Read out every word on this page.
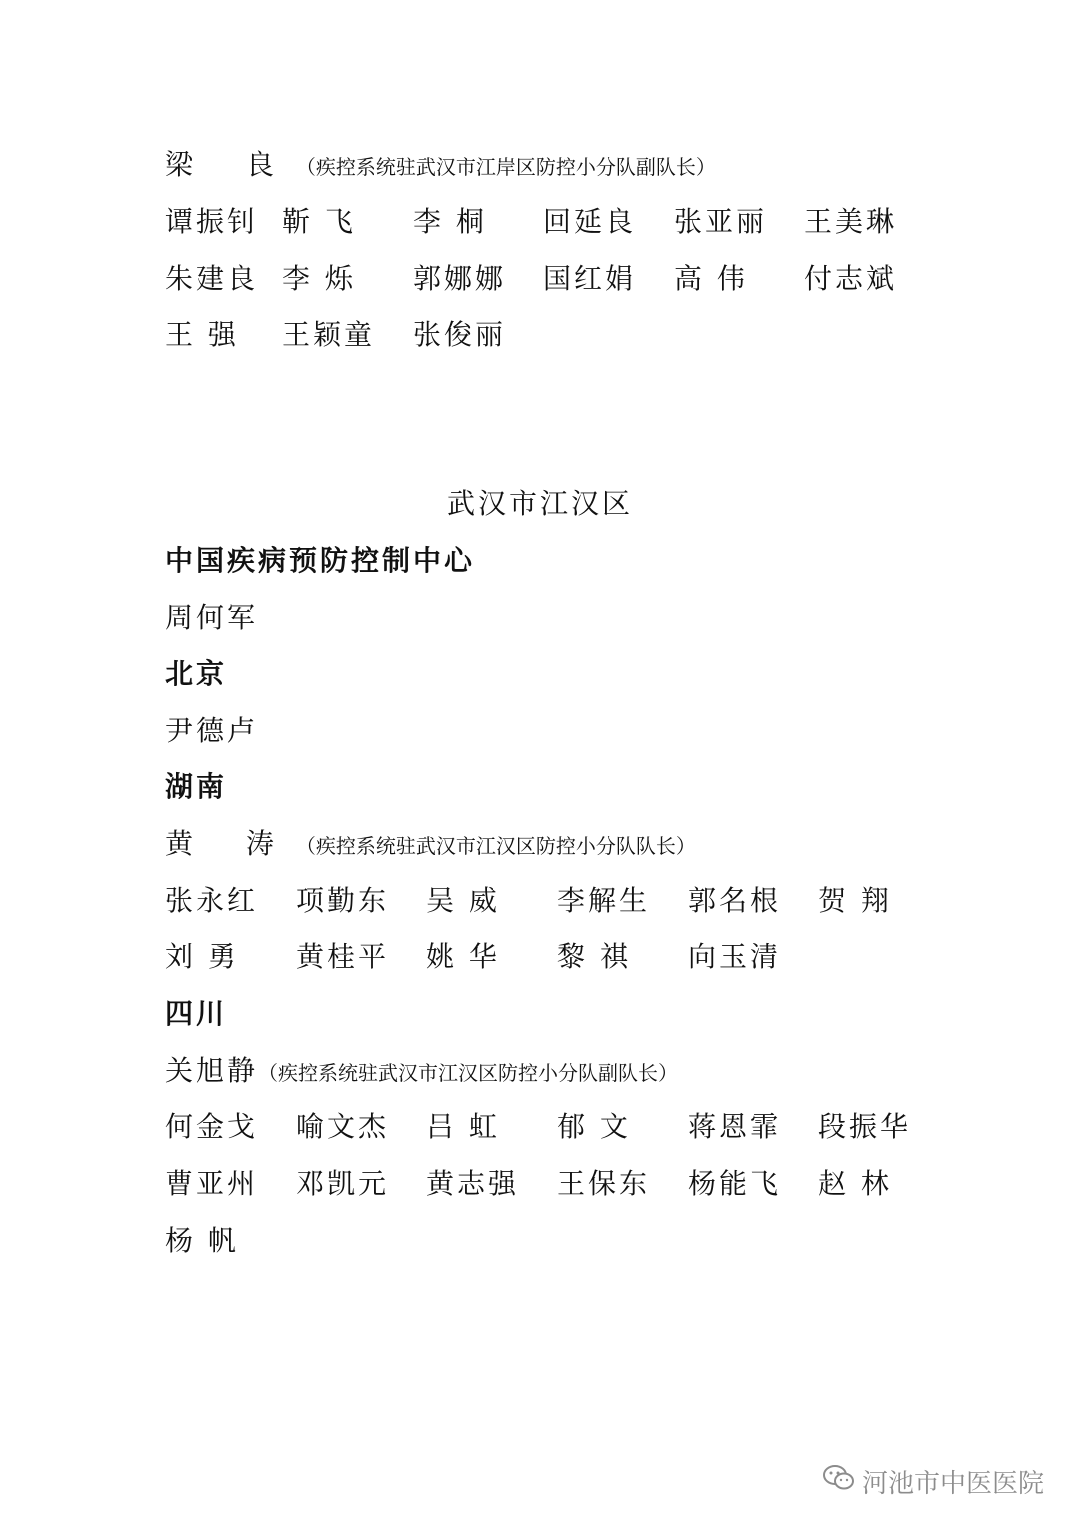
梁 良（疾控系统驻武汉市江岸区防控小分队副队长）
谭振钊 靳 飞 李 桐 回延良 张亚丽 王美琳
朱建良 李 烁 郭娜娜 国红娟 高 伟 付志斌
王 强 王颖童 张俊丽
武汉市江汉区
中国疾病预防控制中心
周何军
北京
尹德卢
湖南
黄 涛（疾控系统驻武汉市江汉区防控小分队队长）
张永红 项勤东 吴 威 李解生 郭名根 贺 翔
刘 勇 黄桂平 姚 华 黎 祺 向玉清
四川
关旭静（疾控系统驻武汉市江汉区防控小分队副队长）
何金戈 喻文杰 吕 虹 郁 文 蒋恩霏 段振华
曹亚州 邓凯元 黄志强 王保东 杨能飞 赵 林
杨 帆
河池市中医医院
